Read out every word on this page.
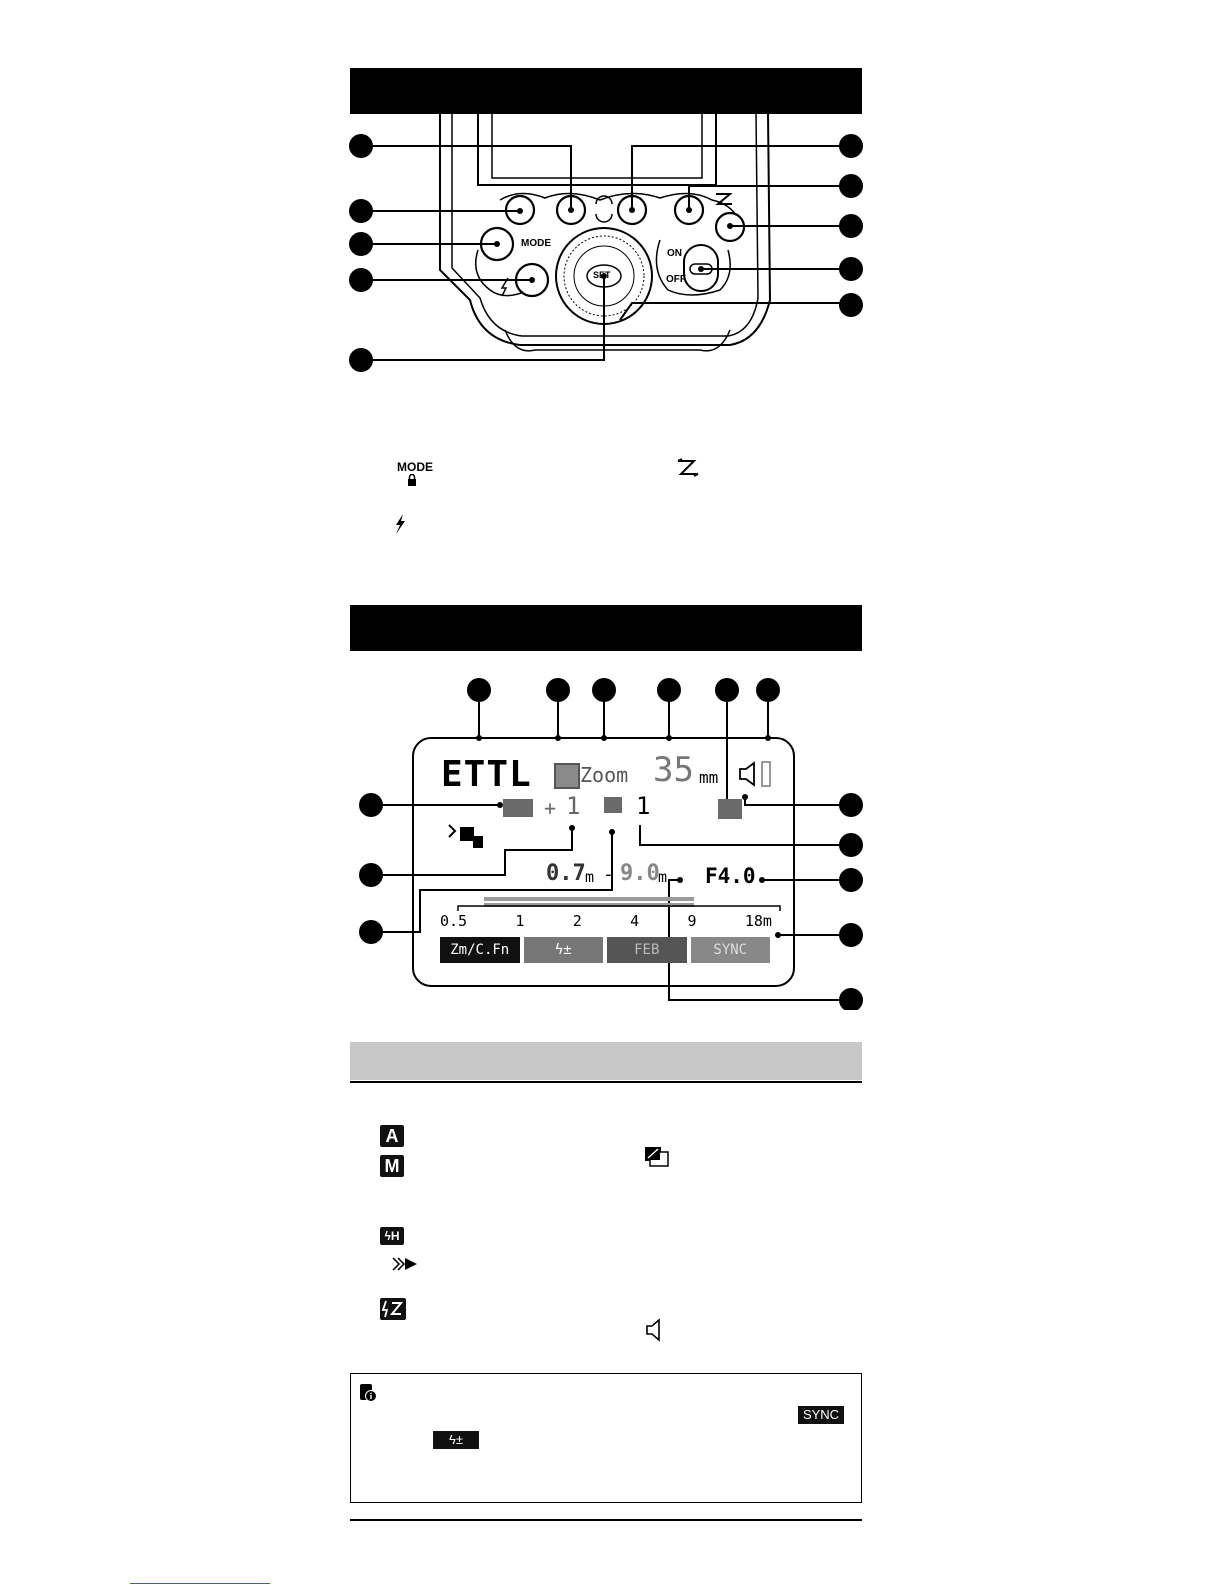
MODE
ON
OFF
SET
MODE
ETTL Zoom 35 mm
+ 1 1
0.7 m - 9.0
m F4.0
0.5	1	2	4	9	18m
Zm/C.Fn	ϟ±	FEB	SYNC
A
M
ϟH
SYNC
ϟ±
